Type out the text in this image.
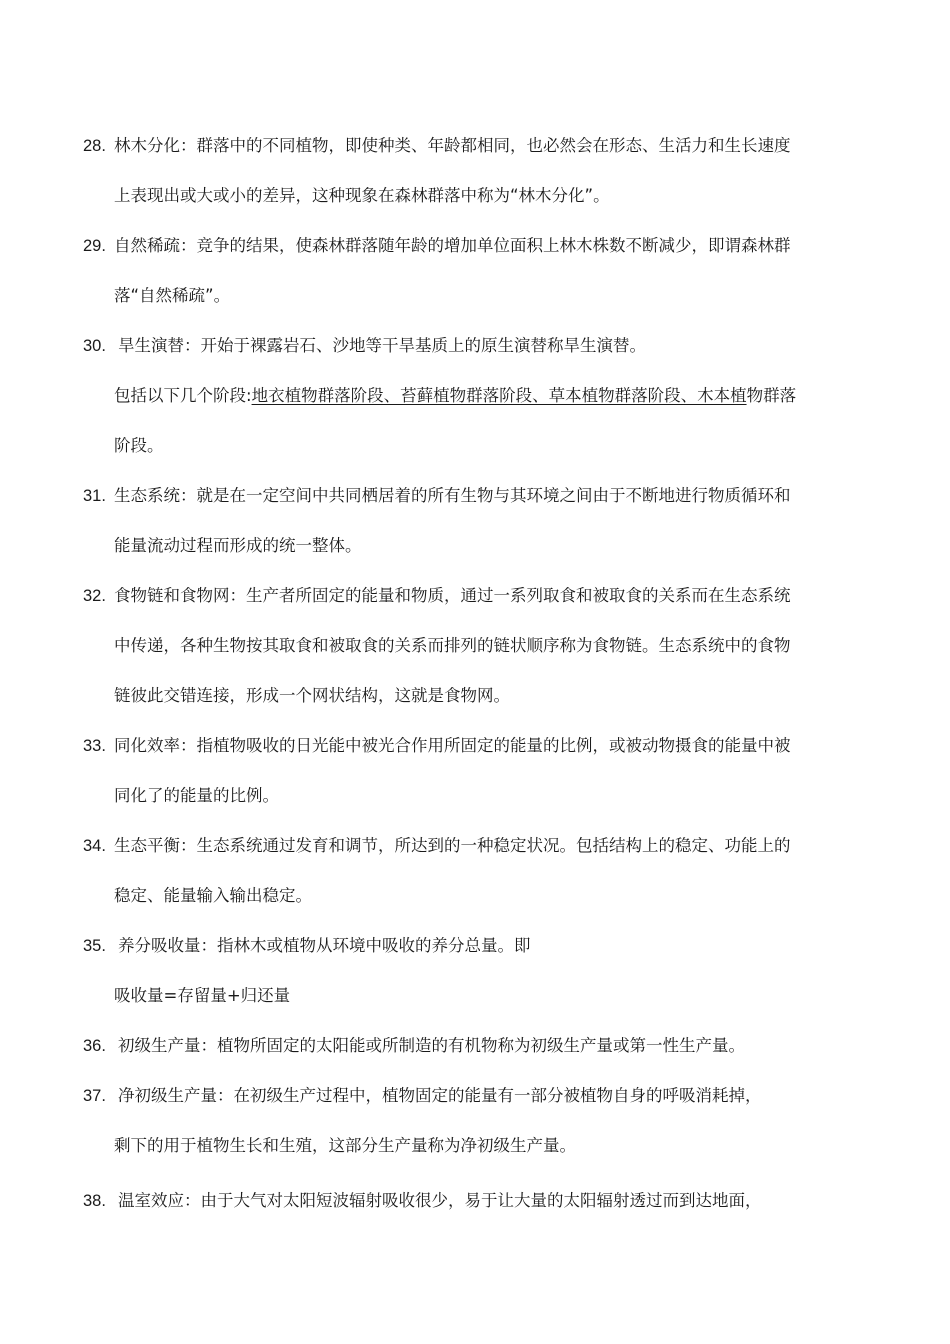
28. 林木分化：群落中的不同植物，即使种类、年龄都相同，也必然会在形态、生活力和生长速度
上表现出或大或小的差异，这种现象在森林群落中称为“林木分化”。
29. 自然稀疏：竞争的结果，使森林群落随年龄的增加单位面积上林木株数不断减少，即谓森林群
落“自然稀疏”。
30. 旱生演替：开始于裸露岩石、沙地等干旱基质上的原生演替称旱生演替。
包括以下几个阶段:地衣植物群落阶段、苔藓植物群落阶段、草本植物群落阶段、木本植物群落
阶段。
31. 生态系统：就是在一定空间中共同栖居着的所有生物与其环境之间由于不断地进行物质循环和
能量流动过程而形成的统一整体。
32. 食物链和食物网：生产者所固定的能量和物质，通过一系列取食和被取食的关系而在生态系统
中传递，各种生物按其取食和被取食的关系而排列的链状顺序称为食物链。生态系统中的食物
链彼此交错连接，形成一个网状结构，这就是食物网。
33. 同化效率：指植物吸收的日光能中被光合作用所固定的能量的比例，或被动物摄食的能量中被
同化了的能量的比例。
34. 生态平衡：生态系统通过发育和调节，所达到的一种稳定状况。包括结构上的稳定、功能上的
稳定、能量输入输出稳定。
35. 养分吸收量：指林木或植物从环境中吸收的养分总量。即
吸收量=存留量+归还量
36. 初级生产量：植物所固定的太阳能或所制造的有机物称为初级生产量或第一性生产量。
37. 净初级生产量：在初级生产过程中，植物固定的能量有一部分被植物自身的呼吸消耗掉，
剩下的用于植物生长和生殖，这部分生产量称为净初级生产量。
38. 温室效应：由于大气对太阳短波辐射吸收很少，易于让大量的太阳辐射透过而到达地面，
